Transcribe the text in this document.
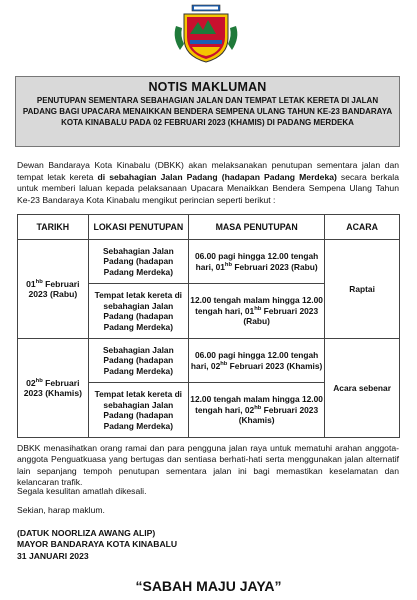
NOTIS MAKLUMAN
PENUTUPAN SEMENTARA SEBAHAGIAN JALAN DAN TEMPAT LETAK KERETA DI JALAN PADANG BAGI UPACARA MENAIKKAN BENDERA SEMPENA ULANG TAHUN KE-23 BANDARAYA KOTA KINABALU PADA 02 FEBRUARI 2023 (KHAMIS) DI PADANG MERDEKA
Dewan Bandaraya Kota Kinabalu (DBKK) akan melaksanakan penutupan sementara jalan dan tempat letak kereta di sebahagian Jalan Padang (hadapan Padang Merdeka) secara berkala untuk memberi laluan kepada pelaksanaan Upacara Menaikkan Bendera Sempena Ulang Tahun Ke-23 Bandaraya Kota Kinabalu mengikut perincian seperti berikut :
TARIKH	LOKASI PENUTUPAN	MASA PENUTUPAN	ACARA
$01^{hb}$ Februari 2023 (Rabu)	Sebahagian Jalan Padang (hadapan Padang Merdeka)	06.00 pagi hingga 12.00 tengah hari, $01^{hb}$ Februari 2023 (Rabu)	Raptai
	Tempat letak kereta di sebahagian Jalan Padang (hadapan Padang Merdeka)	12.00 tengah malam hingga 12.00 tengah hari, $01^{hb}$ Februari 2023 (Rabu)	
$02^{hb}$ Februari 2023 (Khamis)	Sebahagian Jalan Padang (hadapan Padang Merdeka)	06.00 pagi hingga 12.00 tengah hari, $02^{hb}$ Februari 2023 (Khamis)	Acara sebenar
	Tempat letak kereta di sebahagian Jalan Padang (hadapan Padang Merdeka)	12.00 tengah malam hingga 12.00 tengah hari, $02^{hb}$ Februari 2023 (Khamis)	
DBKK menasihatkan orang ramai dan para pengguna jalan raya untuk mematuhi arahan anggota-anggota Penguatkuasa yang bertugas dan sentiasa berhati-hati serta menggunakan jalan alternatif lain sepanjang tempoh penutupan sementara jalan ini bagi memastikan keselamatan dan kelancaran trafik.
Segala kesulitan amatlah dikesali.
Sekian, harap maklum.
(DATUK NOORLIZA AWANG ALIP)
MAYOR BANDARAYA KOTA KINABALU
31 JANUARI 2023
“SABAH MAJU JAYA”
